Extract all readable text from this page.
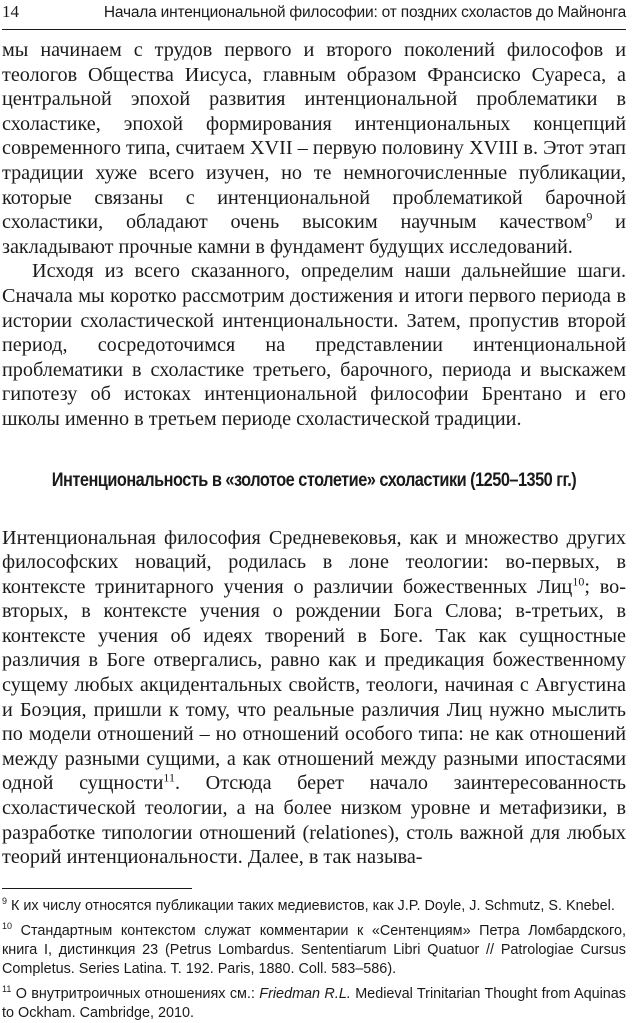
14	Начала интенциональной философии: от поздних схоластов до Майнонга

мы начинаем с трудов первого и второго поколений философов и теологов Общества Иисуса, главным образом Франсиско Суареса, а центральной эпохой развития интенциональной проблематики в схоластике, эпохой формирования интенциональных концепций современного типа, считаем XVII – первую половину XVIII в. Этот этап традиции хуже всего изучен, но те немногочисленные публикации, которые связаны с интенциональной проблематикой барочной схоластики, обладают очень высоким научным качеством$^9$ и закладывают прочные камни в фундамент будущих исследований.

Исходя из всего сказанного, определим наши дальнейшие шаги. Сначала мы коротко рассмотрим достижения и итоги первого периода в истории схоластической интенциональности. Затем, пропустив второй период, сосредоточимся на представлении интенциональной проблематики в схоластике третьего, барочного, периода и выскажем гипотезу об истоках интенциональной философии Брентано и его школы именно в третьем периоде схоластической традиции.

Интенциональность в «золотое столетие» схоластики (1250–1350 гг.)

Интенциональная философия Средневековья, как и множество других философских новаций, родилась в лоне теологии: во-первых, в контексте тринитарного учения о различии божественных Лиц$^{10}$; во-вторых, в контексте учения о рождении Бога Слова; в-третьих, в контексте учения об идеях творений в Боге. Так как сущностные различия в Боге отвергались, равно как и предикация божественному сущему любых акцидентальных свойств, теологи, начиная с Августина и Боэция, пришли к тому, что реальные различия Лиц нужно мыслить по модели отношений – но отношений особого типа: не как отношений между разными сущими, а как отношений между разными ипостасями одной сущности$^{11}$. Отсюда берет начало заинтересованность схоластической теологии, а на более низком уровне и метафизики, в разработке типологии отношений (relationes), столь важной для любых теорий интенциональности. Далее, в так называ-

$^9$ К их числу относятся публикации таких медиевистов, как J.P. Doyle, J. Schmutz, S. Knebel.

$^{10}$ Стандартным контекстом служат комментарии к «Сентенциям» Петра Ломбардского, книга I, дистинкция 23 (Petrus Lombardus. Sententiarum Libri Quatuor // Patrologiae Cursus Completus. Series Latina. T. 192. Paris, 1880. Coll. 583–586).

$^{11}$ О внутритроичных отношениях см.: Friedman R.L. Medieval Trinitarian Thought from Aquinas to Ockham. Cambridge, 2010.
